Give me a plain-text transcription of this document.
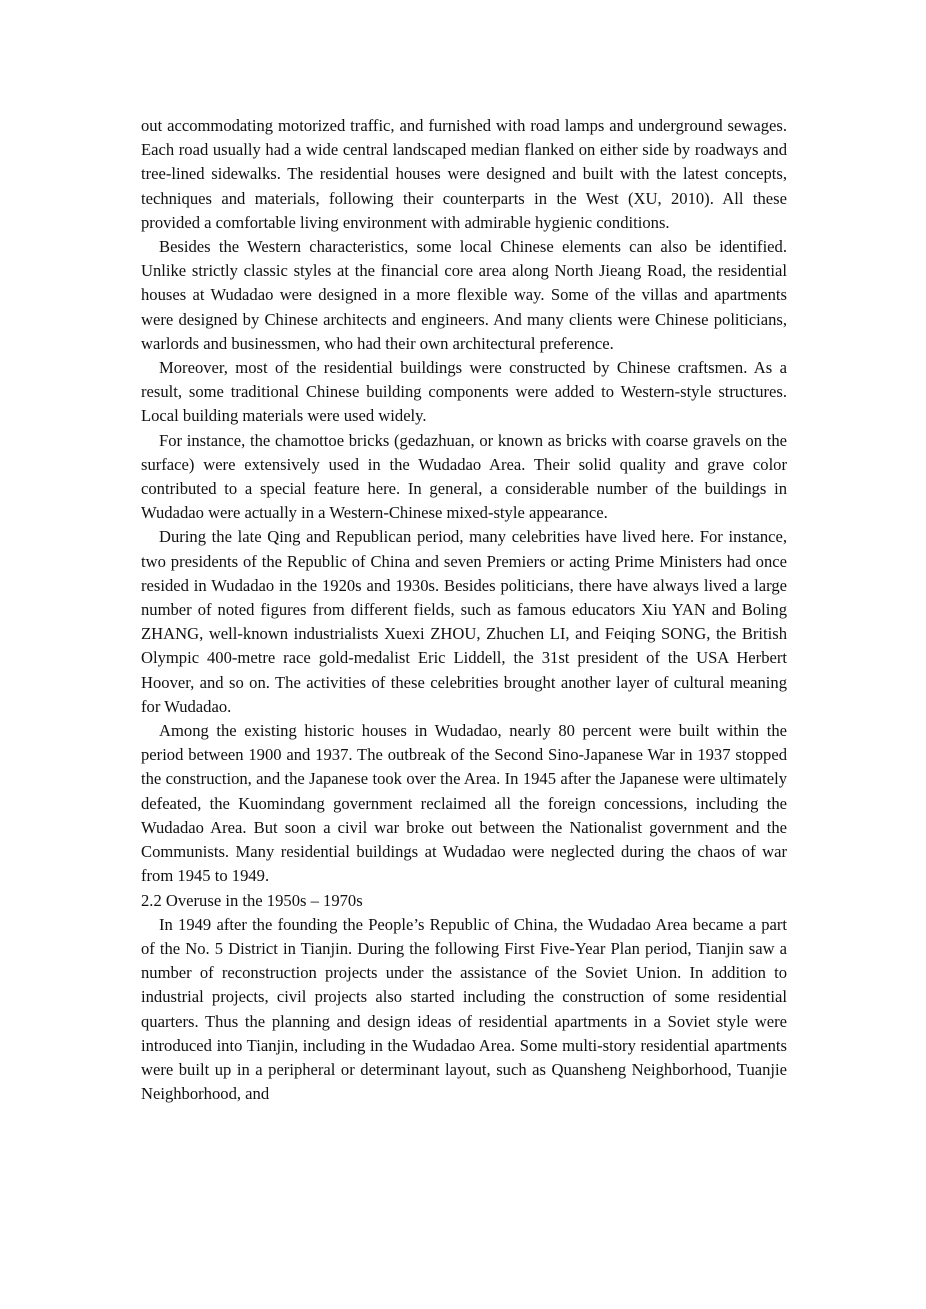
out accommodating motorized traffic, and furnished with road lamps and underground sewages. Each road usually had a wide central landscaped median flanked on either side by roadways and tree-lined sidewalks. The residential houses were designed and built with the latest concepts, techniques and materials, following their counterparts in the West (XU, 2010). All these provided a comfortable living environment with admirable hygienic conditions.

Besides the Western characteristics, some local Chinese elements can also be identified. Unlike strictly classic styles at the financial core area along North Jieang Road, the residential houses at Wudadao were designed in a more flexible way. Some of the villas and apartments were designed by Chinese architects and engineers. And many clients were Chinese politicians, warlords and businessmen, who had their own architectural preference.

Moreover, most of the residential buildings were constructed by Chinese craftsmen. As a result, some traditional Chinese building components were added to Western-style structures. Local building materials were used widely.

For instance, the chamottoe bricks (gedazhuan, or known as bricks with coarse gravels on the surface) were extensively used in the Wudadao Area. Their solid quality and grave color contributed to a special feature here. In general, a considerable number of the buildings in Wudadao were actually in a Western-Chinese mixed-style appearance.

During the late Qing and Republican period, many celebrities have lived here. For instance, two presidents of the Republic of China and seven Premiers or acting Prime Ministers had once resided in Wudadao in the 1920s and 1930s. Besides politicians, there have always lived a large number of noted figures from different fields, such as famous educators Xiu YAN and Boling ZHANG, well-known industrialists Xuexi ZHOU, Zhuchen LI, and Feiqing SONG, the British Olympic 400-metre race gold-medalist Eric Liddell, the 31st president of the USA Herbert Hoover, and so on. The activities of these celebrities brought another layer of cultural meaning for Wudadao.

Among the existing historic houses in Wudadao, nearly 80 percent were built within the period between 1900 and 1937. The outbreak of the Second Sino-Japanese War in 1937 stopped the construction, and the Japanese took over the Area. In 1945 after the Japanese were ultimately defeated, the Kuomindang government reclaimed all the foreign concessions, including the Wudadao Area. But soon a civil war broke out between the Nationalist government and the Communists. Many residential buildings at Wudadao were neglected during the chaos of war from 1945 to 1949.

2.2 Overuse in the 1950s – 1970s

In 1949 after the founding the People’s Republic of China, the Wudadao Area became a part of the No. 5 District in Tianjin. During the following First Five-Year Plan period, Tianjin saw a number of reconstruction projects under the assistance of the Soviet Union. In addition to industrial projects, civil projects also started including the construction of some residential quarters. Thus the planning and design ideas of residential apartments in a Soviet style were introduced into Tianjin, including in the Wudadao Area. Some multi-story residential apartments were built up in a peripheral or determinant layout, such as Quansheng Neighborhood, Tuanjie Neighborhood, and
